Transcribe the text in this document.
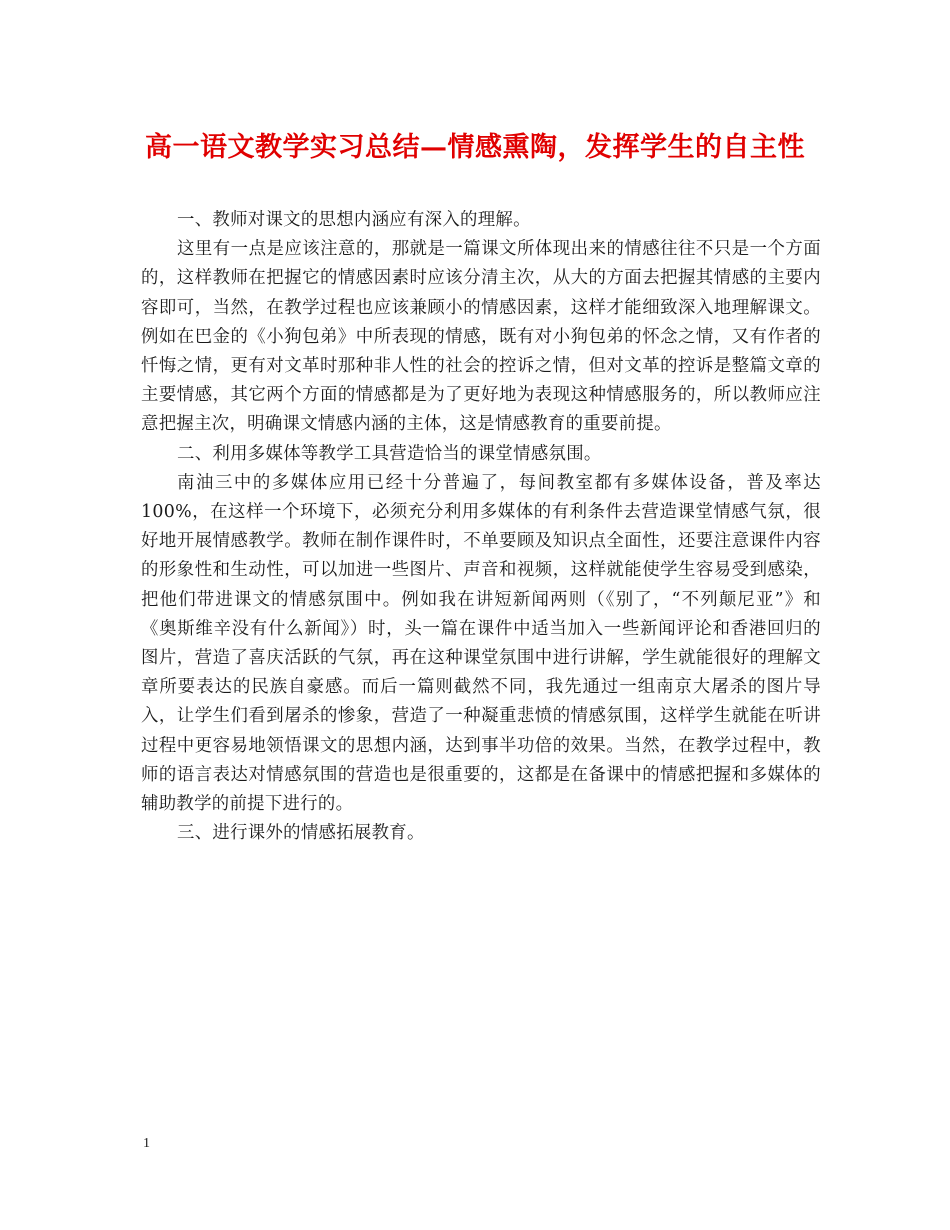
高一语文教学实习总结—情感熏陶，发挥学生的自主性

一、教师对课文的思想内涵应有深入的理解。

这里有一点是应该注意的，那就是一篇课文所体现出来的情感往往不只是一个方面的，这样教师在把握它的情感因素时应该分清主次，从大的方面去把握其情感的主要内容即可，当然，在教学过程也应该兼顾小的情感因素，这样才能细致深入地理解课文。例如在巴金的《小狗包弟》中所表现的情感，既有对小狗包弟的怀念之情，又有作者的忏悔之情，更有对文革时那种非人性的社会的控诉之情，但对文革的控诉是整篇文章的主要情感，其它两个方面的情感都是为了更好地为表现这种情感服务的，所以教师应注意把握主次，明确课文情感内涵的主体，这是情感教育的重要前提。

二、利用多媒体等教学工具营造恰当的课堂情感氛围。

南油三中的多媒体应用已经十分普遍了，每间教室都有多媒体设备，普及率达100%，在这样一个环境下，必须充分利用多媒体的有利条件去营造课堂情感气氛，很好地开展情感教学。教师在制作课件时，不单要顾及知识点全面性，还要注意课件内容的形象性和生动性，可以加进一些图片、声音和视频，这样就能使学生容易受到感染，把他们带进课文的情感氛围中。例如我在讲短新闻两则（《别了，“不列颠尼亚”》和《奥斯维辛没有什么新闻》）时，头一篇在课件中适当加入一些新闻评论和香港回归的图片，营造了喜庆活跃的气氛，再在这种课堂氛围中进行讲解，学生就能很好的理解文章所要表达的民族自豪感。而后一篇则截然不同，我先通过一组南京大屠杀的图片导入，让学生们看到屠杀的惨象，营造了一种凝重悲愤的情感氛围，这样学生就能在听讲过程中更容易地领悟课文的思想内涵，达到事半功倍的效果。当然，在教学过程中，教师的语言表达对情感氛围的营造也是很重要的，这都是在备课中的情感把握和多媒体的辅助教学的前提下进行的。

三、进行课外的情感拓展教育。

1
